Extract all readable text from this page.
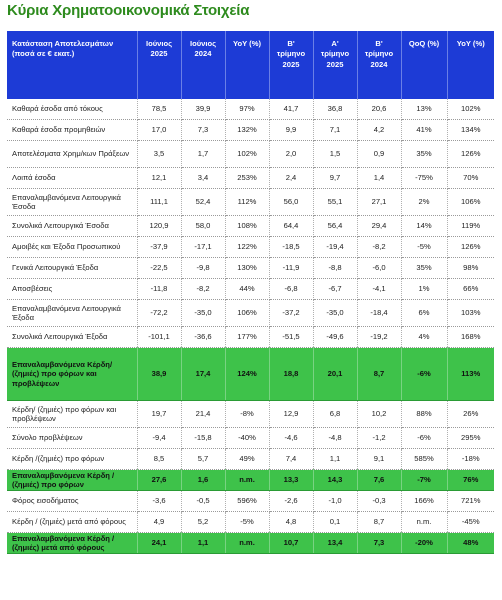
Κύρια Χρηματοοικονομικά Στοιχεία
Κατάσταση Αποτελεσμάτων (ποσά σε € εκατ.)	Ιούνιος 2025	Ιούνιος 2024	YoY (%)	Β' τρίμηνο 2025	Α' τρίμηνο 2025	Β' τρίμηνο 2024	QoQ (%)	YoY (%)
Καθαρά έσοδα από τόκους	78,5	39,9	97%	41,7	36,8	20,6	13%	102%
Καθαρά έσοδα προμηθειών	17,0	7,3	132%	9,9	7,1	4,2	41%	134%
Αποτελέσματα Χρημ/κων Πράξεων	3,5	1,7	102%	2,0	1,5	0,9	35%	126%
Λοιπά έσοδα	12,1	3,4	253%	2,4	9,7	1,4	-75%	70%
Επαναλαμβανόμενα Λειτουργικά Έσοδα	111,1	52,4	112%	56,0	55,1	27,1	2%	106%
Συνολικά Λειτουργικά Έσοδα	120,9	58,0	108%	64,4	56,4	29,4	14%	119%
Αμοιβές και Έξοδα Προσωπικού	-37,9	-17,1	122%	-18,5	-19,4	-8,2	-5%	126%
Γενικά Λειτουργικά Έξοδα	-22,5	-9,8	130%	-11,9	-8,8	-6,0	35%	98%
Αποσβέσεις	-11,8	-8,2	44%	-6,8	-6,7	-4,1	1%	66%
Επαναλαμβανόμενα Λειτουργικά Έξοδα	-72,2	-35,0	106%	-37,2	-35,0	-18,4	6%	103%
Συνολικά Λειτουργικά Έξοδα	-101,1	-36,6	177%	-51,5	-49,6	-19,2	4%	168%
Επαναλαμβανόμενα Κέρδη/ (ζημιές) προ φόρων και προβλέψεων	38,9	17,4	124%	18,8	20,1	8,7	-6%	113%
Κέρδη/ (ζημιές) προ φόρων και προβλέψεων	19,7	21,4	-8%	12,9	6,8	10,2	88%	26%
Σύνολο προβλέψεων	-9,4	-15,8	-40%	-4,6	-4,8	-1,2	-6%	295%
Κέρδη /(ζημιές) προ φόρων	8,5	5,7	49%	7,4	1,1	9,1	585%	-18%
Επαναλαμβανόμενα Κέρδη / (ζημιές) προ φόρων	27,6	1,6	n.m.	13,3	14,3	7,6	-7%	76%
Φόρος εισοδήματος	-3,6	-0,5	596%	-2,6	-1,0	-0,3	166%	721%
Κέρδη / (ζημιές) μετά από φόρους	4,9	5,2	-5%	4,8	0,1	8,7	n.m.	-45%
Επαναλαμβανόμενα Κέρδη / (ζημιές) μετά από φόρους	24,1	1,1	n.m.	10,7	13,4	7,3	-20%	48%
